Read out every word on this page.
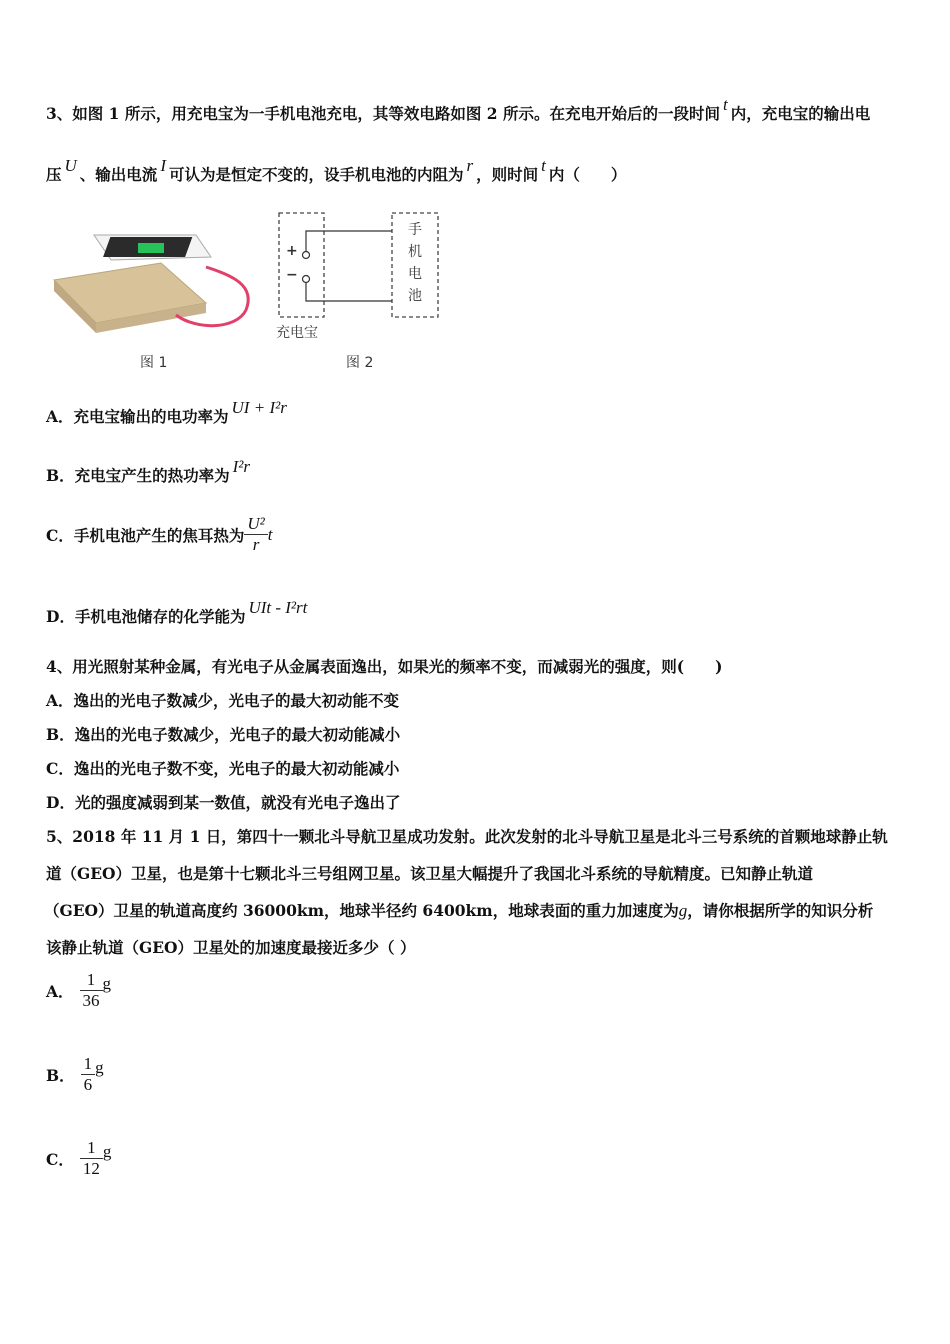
3、如图 1 所示，用充电宝为一手机电池充电，其等效电路如图 2 所示。在充电开始后的一段时间 t 内，充电宝的输出电
压 U 、输出电流 I 可认为是恒定不变的，设手机电池的内阻为 r ，则时间 t 内（　　）
+
−
充电宝
手
机
电
池
图 1	图 2
A．充电宝输出的电功率为 UI + I²r
B．充电宝产生的热功率为 I²r
C．手机电池产生的焦耳热为 $\frac{\text{U²}}{r}$ t
D．手机电池储存的化学能为 UIt - I²rt
4、用光照射某种金属，有光电子从金属表面逸出，如果光的频率不变，而减弱光的强度，则(　　)
A．逸出的光电子数减少，光电子的最大初动能不变
B．逸出的光电子数减少，光电子的最大初动能减小
C．逸出的光电子数不变，光电子的最大初动能减小
D．光的强度减弱到某一数值，就没有光电子逸出了
5、2018 年 11 月 1 日，第四十一颗北斗导航卫星成功发射。此次发射的北斗导航卫星是北斗三号系统的首颗地球静止轨
道（GEO）卫星，也是第十七颗北斗三号组网卫星。该卫星大幅提升了我国北斗系统的导航精度。已知静止轨道
（GEO）卫星的轨道高度约 36000km，地球半径约 6400km，地球表面的重力加速度为g，请你根据所学的知识分析
该静止轨道（GEO）卫星处的加速度最接近多少（ ）
A． $\frac{1}{36}$ g
B． $\frac{1}{6}$ g
C． $\frac{1}{12}$ g
